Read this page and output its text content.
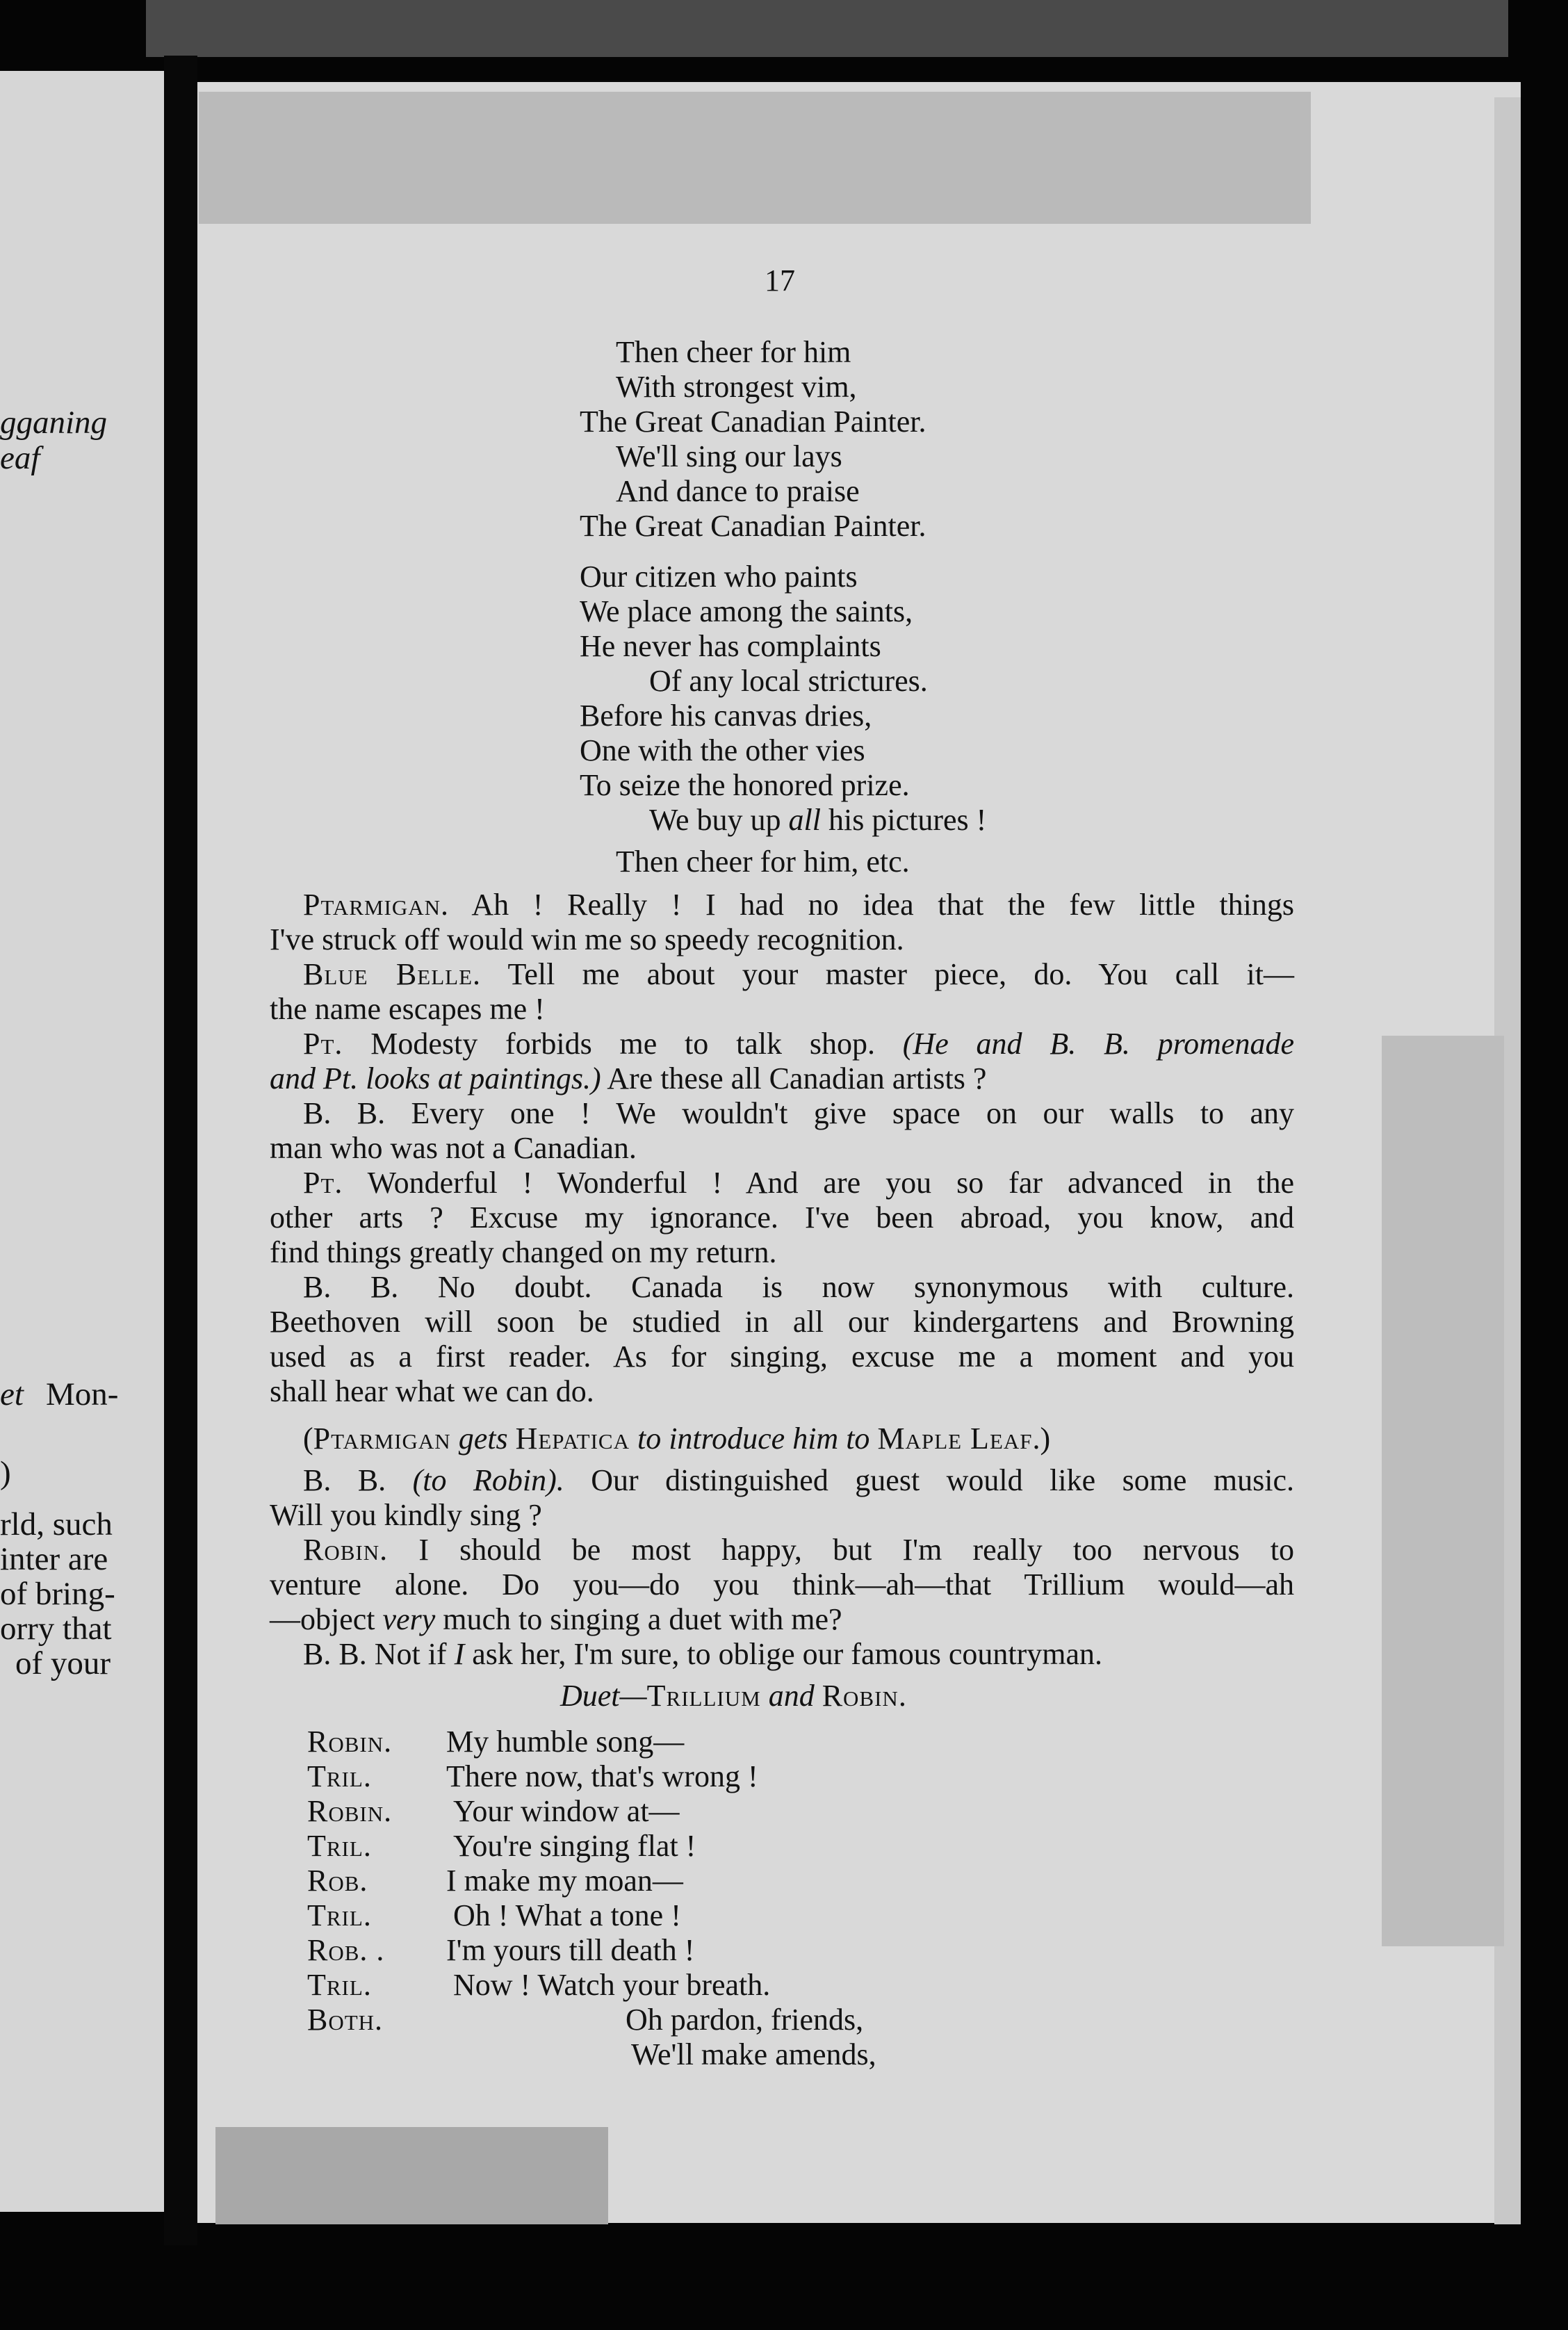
gganing
eaf
et Mon-
)
rld, such
inter are
of bring-
orry that
of your
17
Then cheer for him
With strongest vim,
The Great Canadian Painter.
We'll sing our lays
And dance to praise
The Great Canadian Painter.
Our citizen who paints
We place among the saints,
He never has complaints
Of any local strictures.
Before his canvas dries,
One with the other vies
To seize the honored prize.
We buy up all his pictures !
Then cheer for him, etc.
Ptarmigan. Ah ! Really ! I had no idea that the few little things
I've struck off would win me so speedy recognition.
Blue Belle. Tell me about your master piece, do. You call it—
the name escapes me !
Pt. Modesty forbids me to talk shop. (He and B. B. promenade
and Pt. looks at paintings.) Are these all Canadian artists ?
B. B. Every one ! We wouldn't give space on our walls to any
man who was not a Canadian.
Pt. Wonderful ! Wonderful ! And are you so far advanced in the
other arts ? Excuse my ignorance. I've been abroad, you know, and
find things greatly changed on my return.
B. B. No doubt. Canada is now synonymous with culture.
Beethoven will soon be studied in all our kindergartens and Browning
used as a first reader. As for singing, excuse me a moment and you
shall hear what we can do.
(Ptarmigan gets Hepatica to introduce him to Maple Leaf.)
B. B. (to Robin). Our distinguished guest would like some music.
Will you kindly sing ?
Robin. I should be most happy, but I'm really too nervous to
venture alone. Do you—do you think—ah—that Trillium would—ah
—object very much to singing a duet with me?
B. B. Not if I ask her, I'm sure, to oblige our famous countryman.
Duet—Trillium and Robin.
Robin. My humble song—
Tril. There now, that's wrong !
Robin. Your window at—
Tril.	You're singing flat !
Rob.	I make my moan—
Tril.	Oh ! What a tone !
Rob. . I'm yours till death !
Tril.	Now ! Watch your breath.
Both.	Oh pardon, friends,
We'll make amends,
